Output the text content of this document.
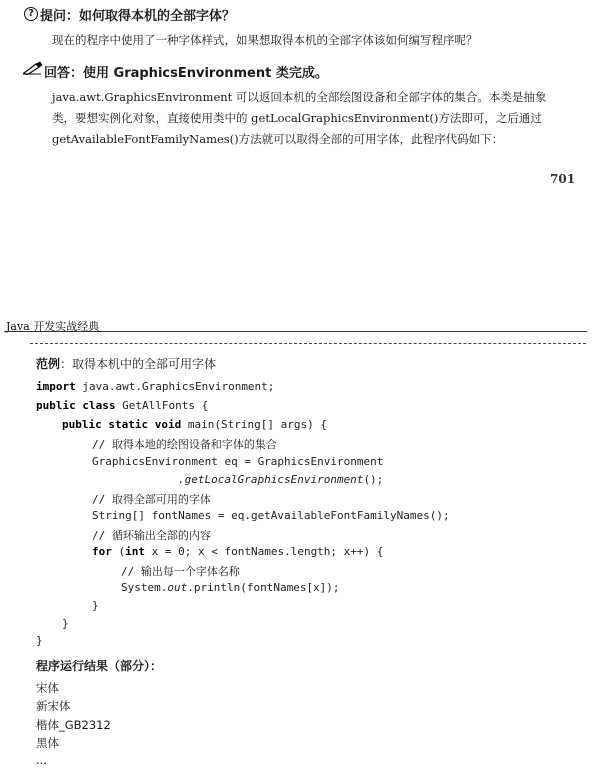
? 提问：如何取得本机的全部字体？
现在的程序中使用了一种字体样式，如果想取得本机的全部字体该如何编写程序呢？
回答：使用 GraphicsEnvironment 类完成。
java.awt.GraphicsEnvironment 可以返回本机的全部绘图设备和全部字体的集合。本类是抽象
类，要想实例化对象，直接使用类中的 getLocalGraphicsEnvironment()方法即可，之后通过
getAvailableFontFamilyNames()方法就可以取得全部的可用字体，此程序代码如下：
701
Java 开发实战经典
范例：取得本机中的全部可用字体
import java.awt.GraphicsEnvironment;
public class GetAllFonts {
public static void main(String[] args) {
// 取得本地的绘图设备和字体的集合
GraphicsEnvironment eq = GraphicsEnvironment
.getLocalGraphicsEnvironment();
// 取得全部可用的字体
String[] fontNames = eq.getAvailableFontFamilyNames();
// 循环输出全部的内容
for (int x = 0; x < fontNames.length; x++) {
// 输出每一个字体名称
System.out.println(fontNames[x]);
}
}
}
程序运行结果（部分）：
宋体
新宋体
楷体_GB2312
黑体
...
